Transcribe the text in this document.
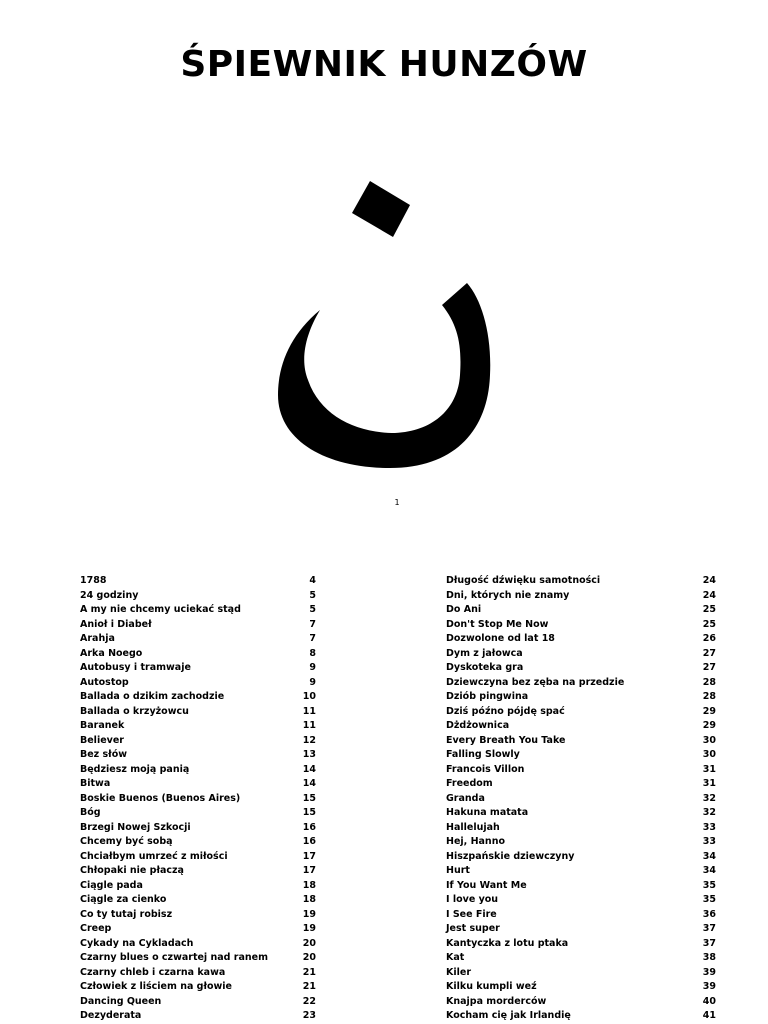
ŚPIEWNIK HUNZÓW
1
1788	4
24 godziny	5
A my nie chcemy uciekać stąd	5
Anioł i Diabeł	7
Arahja	7
Arka Noego	8
Autobusy i tramwaje	9
Autostop	9
Ballada o dzikim zachodzie	10
Ballada o krzyżowcu	11
Baranek	11
Believer	12
Bez słów	13
Będziesz moją panią	14
Bitwa	14
Boskie Buenos (Buenos Aires)	15
Bóg	15
Brzegi Nowej Szkocji	16
Chcemy być sobą	16
Chciałbym umrzeć z miłości	17
Chłopaki nie płaczą	17
Ciągle pada	18
Ciągle za cienko	18
Co ty tutaj robisz	19
Creep	19
Cykady na Cykladach	20
Czarny blues o czwartej nad ranem	20
Czarny chleb i czarna kawa	21
Człowiek z liściem na głowie	21
Dancing Queen	22
Dezyderata	23
Długość dźwięku samotności	24
Dni, których nie znamy	24
Do Ani	25
Don't Stop Me Now	25
Dozwolone od lat 18	26
Dym z jałowca	27
Dyskoteka gra	27
Dziewczyna bez zęba na przedzie	28
Dziób pingwina	28
Dziś późno pójdę spać	29
Dżdżownica	29
Every Breath You Take	30
Falling Slowly	30
Francois Villon	31
Freedom	31
Granda	32
Hakuna matata	32
Hallelujah	33
Hej, Hanno	33
Hiszpańskie dziewczyny	34
Hurt	34
If You Want Me	35
I love you	35
I See Fire	36
Jest super	37
Kantyczka z lotu ptaka	37
Kat	38
Kiler	39
Kilku kumpli weź	39
Knajpa morderców	40
Kocham cię jak Irlandię	41
